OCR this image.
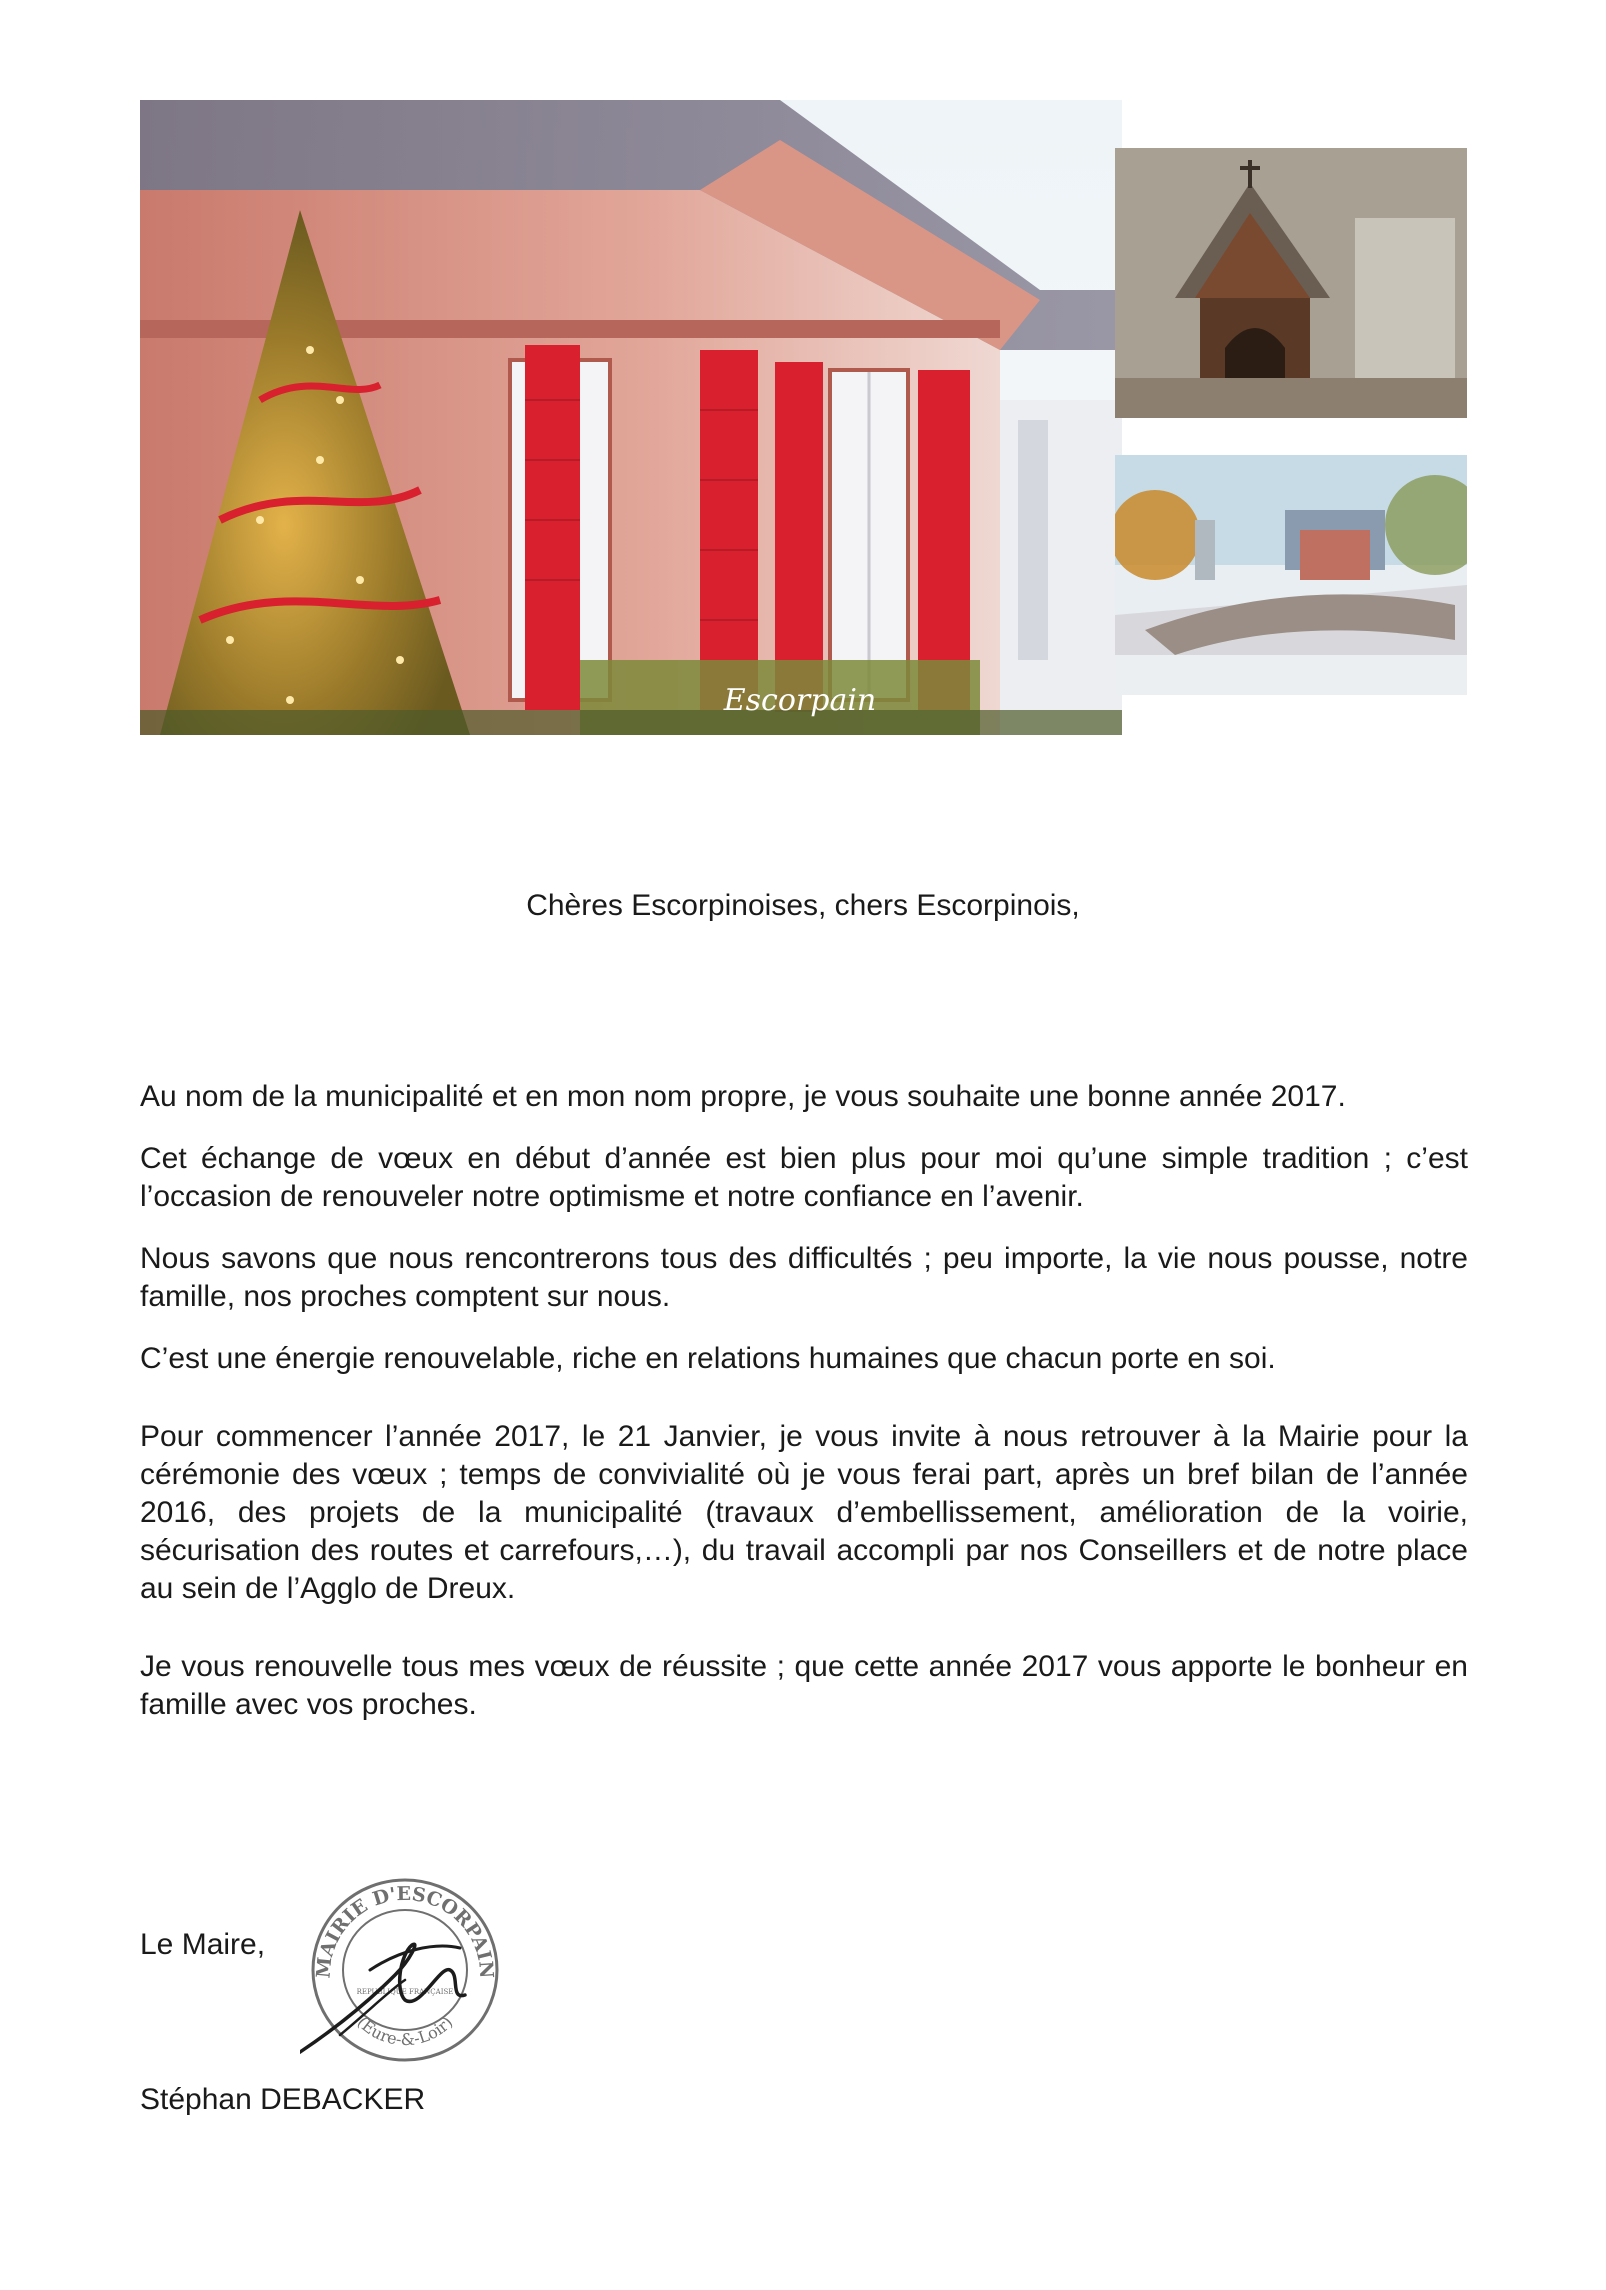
Escorpain
Chères Escorpinoises, chers Escorpinois,

Au nom de la municipalité et en mon nom propre, je vous souhaite une bonne année 2017.

Cet échange de vœux en début d’année est bien plus pour moi qu’une simple tradition ; c’est l’occasion de renouveler notre optimisme et notre confiance en l’avenir.

Nous savons que nous rencontrerons tous des difficultés ; peu importe, la vie nous pousse, notre famille, nos proches comptent sur nous.

C’est une énergie renouvelable, riche en relations humaines que chacun porte en soi.

Pour commencer l’année 2017, le 21 Janvier, je vous invite à nous retrouver à la Mairie pour la cérémonie des vœux ; temps de convivialité où je vous ferai part, après un bref bilan de l’année 2016, des projets de la municipalité (travaux d’embellissement, amélioration de la voirie, sécurisation des routes et carrefours,…), du travail accompli par nos Conseillers et de notre place au sein de l’Agglo de Dreux.

Je vous renouvelle tous mes vœux de réussite ; que cette année 2017 vous apporte le bonheur en famille avec vos proches.

Le Maire,
MAIRIE D'ESCORPAIN
(Eure-&-Loir)
REPUBLIQUE FRANÇAISE
Stéphan DEBACKER
